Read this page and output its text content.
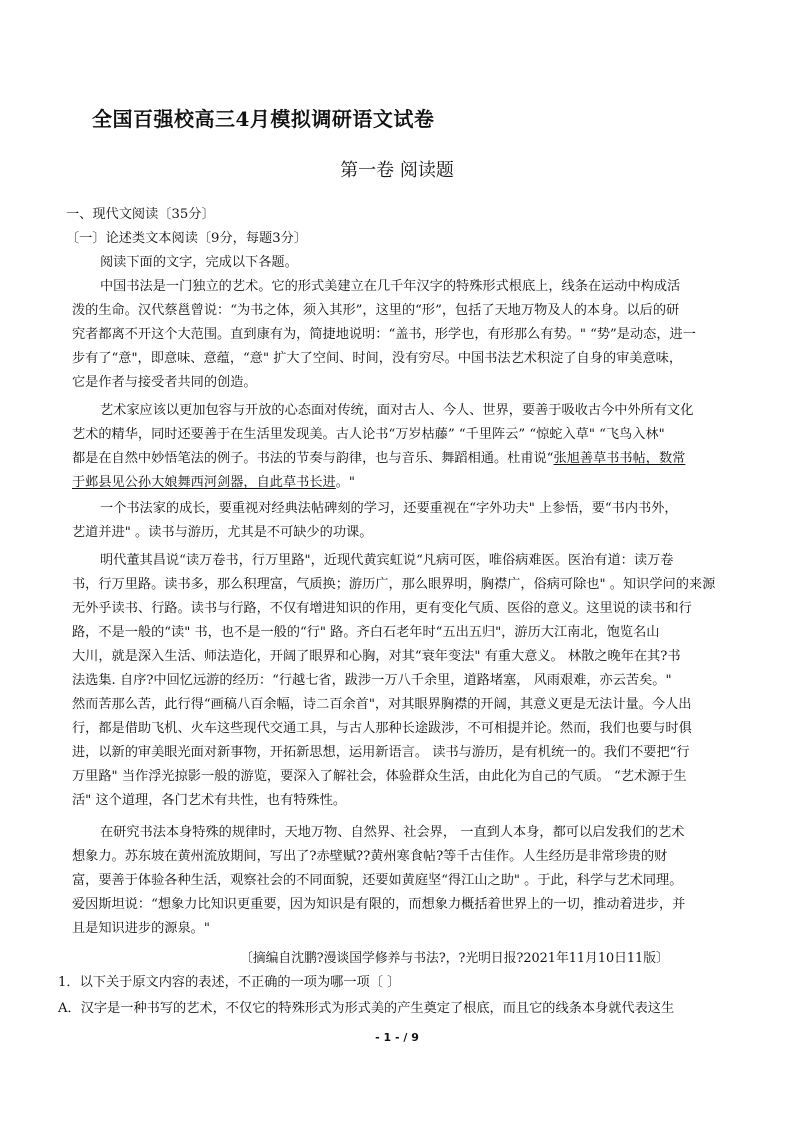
全国百强校高三4月模拟调研语文试卷
第一卷 阅读题
一、现代文阅读〔35分〕
〔一〕论述类文本阅读〔9分，每题3分〕
阅读下面的文字，完成以下各题。
中国书法是一门独立的艺术。它的形式美建立在几千年汉字的特殊形式根底上，线条在运动中构成活
泼的生命。汉代蔡邕曾说：“为书之体，须入其形”，这里的“形”，包括了天地万物及人的本身。以后的研
究者都离不开这个大范围。直到康有为，简捷地说明：“盖书，形学也，有形那么有势。" “势”是动态，进一
步有了“意"，即意味、意蕴，“意" 扩大了空间、时间，没有穷尽。中国书法艺术积淀了自身的审美意味，
它是作者与接受者共同的创造。
艺术家应该以更加包容与开放的心态面对传统，面对古人、今人、世界，要善于吸收古今中外所有文化
艺术的精华，同时还要善于在生活里发现美。古人论书“万岁枯藤” “千里阵云” “惊蛇入草" “飞鸟入林"
都是在自然中妙悟笔法的例子。书法的节奏与韵律，也与音乐、舞蹈相通。杜甫说“张旭善草书书帖，数常
于邺县见公孙大娘舞西河剑器，自此草书长进。"
一个书法家的成长，要重视对经典法帖碑刻的学习，还要重视在“字外功夫" 上参悟，要“书内书外，
艺道并进" 。读书与游历，尤其是不可缺少的功课。
明代董其昌说“读万卷书，行万里路"，近现代黄宾虹说“凡病可医，唯俗病难医。医治有道：读万卷
书，行万里路。读书多，那么积理富，气质换；游历广，那么眼界明，胸襟广，俗病可除也" 。知识学问的来源
无外乎读书、行路。读书与行路，不仅有增进知识的作用，更有变化气质、医俗的意义。这里说的读书和行
路，不是一般的“读" 书，也不是一般的“行" 路。齐白石老年时“五出五归"，游历大江南北，饱览名山
大川，就是深入生活、师法造化，开阔了眼界和心胸，对其“衰年变法" 有重大意义。 林散之晚年在其?书
法选集. 自序?中回忆远游的经历：“行越七省，跋涉一万八千余里，道路堵塞， 风雨艰难，亦云苦矣。"
然而苦那么苦，此行得“画稿八百余幅，诗二百余首"，对其眼界胸襟的开阔，其意义更是无法计量。今人出
行，都是借助飞机、火车这些现代交通工具，与古人那种长途跋涉，不可相提并论。然而，我们也要与时俱
进，以新的审美眼光面对新事物，开拓新思想，运用新语言。 读书与游历，是有机统一的。我们不要把“行
万里路" 当作浮光掠影一般的游览，要深入了解社会，体验群众生活，由此化为自己的气质。 “艺术源于生
活" 这个道理，各门艺术有共性，也有特殊性。
在研究书法本身特殊的规律时，天地万物、自然界、社会界， 一直到人本身，都可以启发我们的艺术
想象力。苏东坡在黄州流放期间，写出了?赤壁赋??黄州寒食帖?等千古佳作。人生经历是非常珍贵的财
富，要善于体验各种生活，观察社会的不同面貌，还要如黄庭坚“得江山之助" 。于此，科学与艺术同理。
爱因斯坦说：“想象力比知识更重要，因为知识是有限的，而想象力概括着世界上的一切，推动着进步，并
且是知识进步的源泉。"
〔摘编自沈鹏?漫谈国学修养与书法?，?光明日报?2021年11月10日11版〕
1．以下关于原文内容的表述，不正确的一项为哪一项〔 〕
A．汉字是一种书写的艺术，不仅它的特殊形式为形式美的产生奠定了根底，而且它的线条本身就代表这生
- 1 - / 9
